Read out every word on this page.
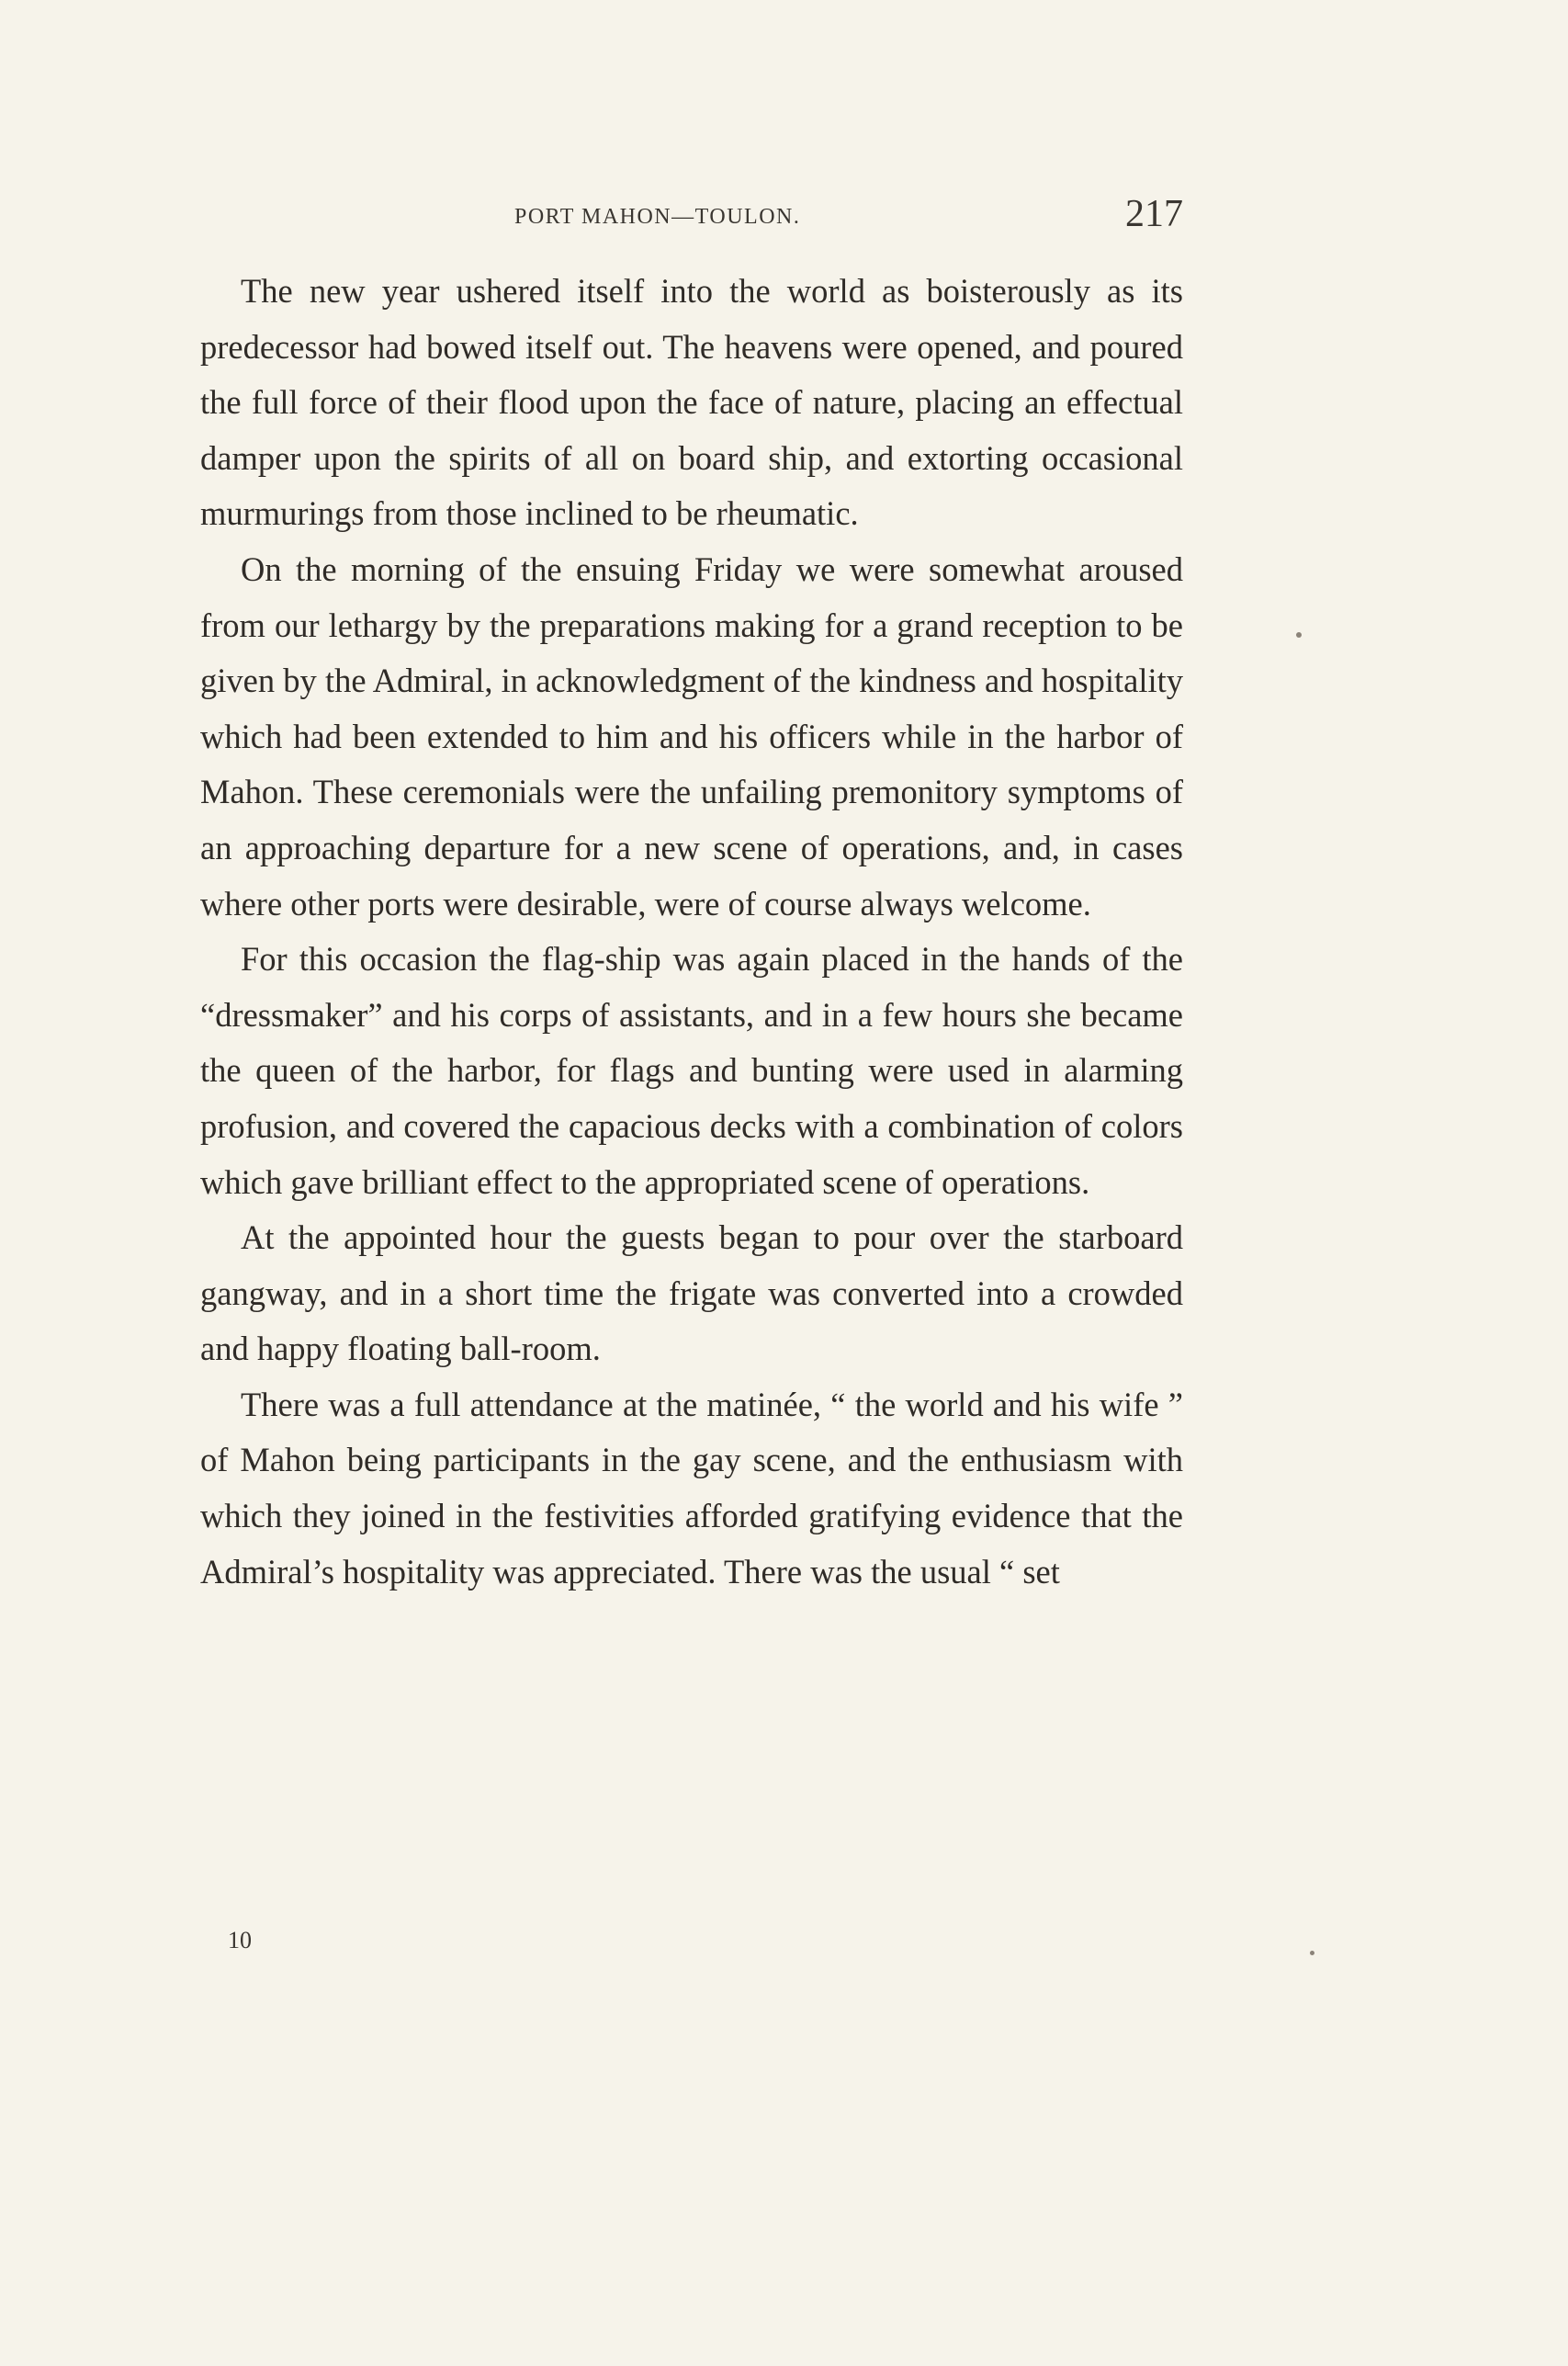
PORT MAHON—TOULON.	217

The new year ushered itself into the world as boisterously as its predecessor had bowed itself out. The heavens were opened, and poured the full force of their flood upon the face of nature, placing an effectual damper upon the spirits of all on board ship, and extorting occasional murmurings from those inclined to be rheumatic.

On the morning of the ensuing Friday we were somewhat aroused from our lethargy by the preparations making for a grand reception to be given by the Admiral, in acknowledgment of the kindness and hospitality which had been extended to him and his officers while in the harbor of Mahon. These ceremonials were the unfailing premonitory symptoms of an approaching departure for a new scene of operations, and, in cases where other ports were desirable, were of course always welcome.

For this occasion the flag-ship was again placed in the hands of the “dressmaker” and his corps of assistants, and in a few hours she became the queen of the harbor, for flags and bunting were used in alarming profusion, and covered the capacious decks with a combination of colors which gave brilliant effect to the appropriated scene of operations.

At the appointed hour the guests began to pour over the starboard gangway, and in a short time the frigate was converted into a crowded and happy floating ball-room.

There was a full attendance at the matinée, “ the world and his wife ” of Mahon being participants in the gay scene, and the enthusiasm with which they joined in the festivities afforded gratifying evidence that the Admiral’s hospitality was appreciated. There was the usual “ set

10
